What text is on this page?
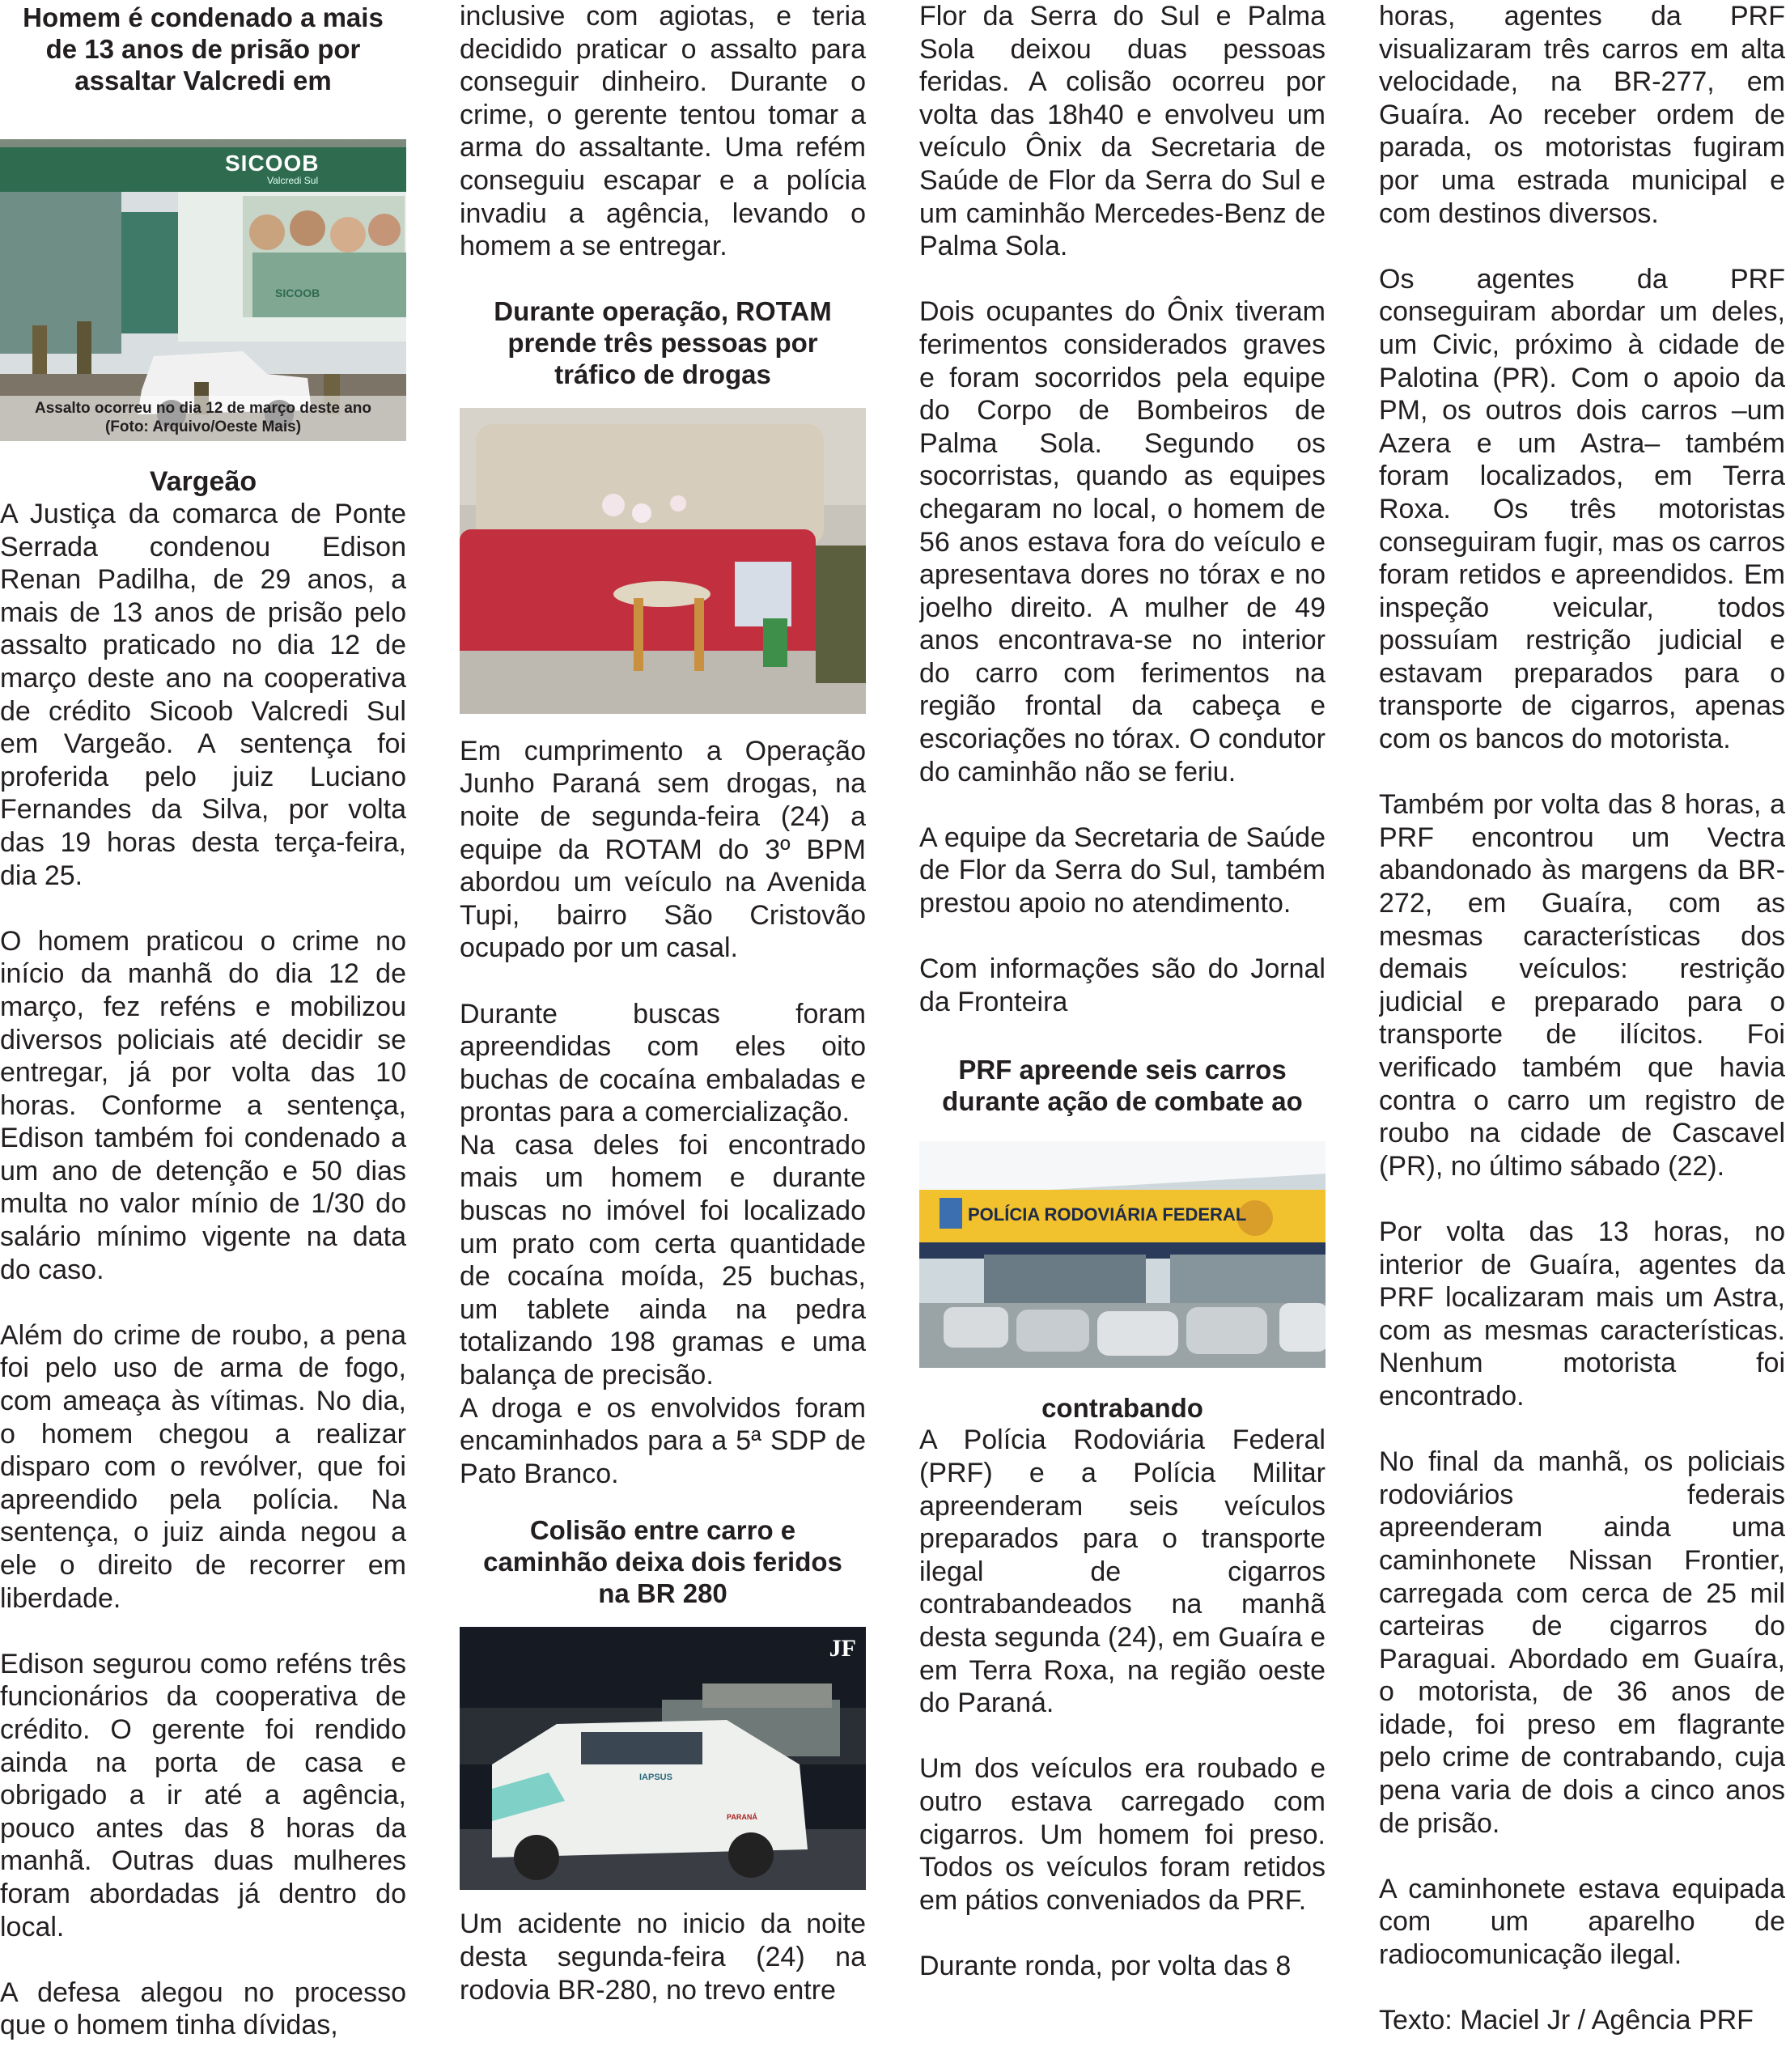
Homem é condenado a mais
de 13 anos de prisão por
assaltar Valcredi em
SICOOB
Valcredi Sul
SICOOB
Assalto ocorreu no dia 12 de março deste ano
(Foto: Arquivo/Oeste Mais)
Vargeão

A Justiça da comarca de Ponte Serrada condenou Edison Renan Padilha, de 29 anos, a mais de 13 anos de prisão pelo assalto praticado no dia 12 de março deste ano na cooperativa de crédito Sicoob Valcredi Sul em Vargeão. A sentença foi proferida pelo juiz Luciano Fernandes da Silva, por volta das 19 horas desta terça-feira, dia 25.

O homem praticou o crime no início da manhã do dia 12 de março, fez reféns e mobilizou diversos policiais até decidir se entregar, já por volta das 10 horas. Conforme a sentença, Edison também foi condenado a um ano de detenção e 50 dias multa no valor mínio de 1/30 do salário mínimo vigente na data do caso.

Além do crime de roubo, a pena foi pelo uso de arma de fogo, com ameaça às vítimas. No dia, o homem chegou a realizar disparo com o revólver, que foi apreendido pela polícia. Na sentença, o juiz ainda negou a ele o direito de recorrer em liberdade.

Edison segurou como reféns três funcionários da cooperativa de crédito. O gerente foi rendido ainda na porta de casa e obrigado a ir até a agência, pouco antes das 8 horas da manhã. Outras duas mulheres foram abordadas já dentro do local.

A defesa alegou no processo que o homem tinha dívidas,

inclusive com agiotas, e teria decidido praticar o assalto para conseguir dinheiro. Durante o crime, o gerente tentou tomar a arma do assaltante. Uma refém conseguiu escapar e a polícia invadiu a agência, levando o homem a se entregar.

Durante operação, ROTAM
prende três pessoas por
tráfico de drogas

Em cumprimento a Operação Junho Paraná sem drogas, na noite de segunda-feira (24) a equipe da ROTAM do 3º BPM abordou um veículo na Avenida Tupi, bairro São Cristovão ocupado por um casal.

Durante buscas foram apreendidas com eles oito buchas de cocaína embaladas e prontas para a comercialização.

Na casa deles foi encontrado mais um homem e durante buscas no imóvel foi localizado um prato com certa quantidade de cocaína moída, 25 buchas, um tablete ainda na pedra totalizando 198 gramas e uma balança de precisão.

A droga e os envolvidos foram encaminhados para a 5ª SDP de Pato Branco.

Colisão entre carro e
caminhão deixa dois feridos
na BR 280
JF
IAPSUS
PARANÁ

Um acidente no inicio da noite desta segunda-feira (24) na rodovia BR-280, no trevo entre

Flor da Serra do Sul e Palma Sola deixou duas pessoas feridas. A colisão ocorreu por volta das 18h40 e envolveu um veículo Ônix da Secretaria de Saúde de Flor da Serra do Sul e um caminhão Mercedes-Benz de Palma Sola.

Dois ocupantes do Ônix tiveram ferimentos considerados graves e foram socorridos pela equipe do Corpo de Bombeiros de Palma Sola. Segundo os socorristas, quando as equipes chegaram no local, o homem de 56 anos estava fora do veículo e apresentava dores no tórax e no joelho direito. A mulher de 49 anos encontrava-se no interior do carro com ferimentos na região frontal da cabeça e escoriações no tórax. O condutor do caminhão não se feriu.

A equipe da Secretaria de Saúde de Flor da Serra do Sul, também prestou apoio no atendimento.

Com informações são do Jornal da Fronteira

PRF apreende seis carros
durante ação de combate ao
POLÍCIA RODOVIÁRIA FEDERAL
contrabando

A Polícia Rodoviária Federal (PRF) e a Polícia Militar apreenderam seis veículos preparados para o transporte ilegal de cigarros contrabandeados na manhã desta segunda (24), em Guaíra e em Terra Roxa, na região oeste do Paraná.

Um dos veículos era roubado e outro estava carregado com cigarros. Um homem foi preso. Todos os veículos foram retidos em pátios conveniados da PRF.

Durante ronda, por volta das 8

horas, agentes da PRF visualizaram três carros em alta velocidade, na BR-277, em Guaíra. Ao receber ordem de parada, os motoristas fugiram por uma estrada municipal e com destinos diversos.

Os agentes da PRF conseguiram abordar um deles, um Civic, próximo à cidade de Palotina (PR). Com o apoio da PM, os outros dois carros –um Azera e um Astra– também foram localizados, em Terra Roxa. Os três motoristas conseguiram fugir, mas os carros foram retidos e apreendidos. Em inspeção veicular, todos possuíam restrição judicial e estavam preparados para o transporte de cigarros, apenas com os bancos do motorista.

Também por volta das 8 horas, a PRF encontrou um Vectra abandonado às margens da BR-272, em Guaíra, com as mesmas características dos demais veículos: restrição judicial e preparado para o transporte de ilícitos. Foi verificado também que havia contra o carro um registro de roubo na cidade de Cascavel (PR), no último sábado (22).

Por volta das 13 horas, no interior de Guaíra, agentes da PRF localizaram mais um Astra, com as mesmas características. Nenhum motorista foi encontrado.

No final da manhã, os policiais rodoviários federais apreenderam ainda uma caminhonete Nissan Frontier, carregada com cerca de 25 mil carteiras de cigarros do Paraguai. Abordado em Guaíra, o motorista, de 36 anos de idade, foi preso em flagrante pelo crime de contrabando, cuja pena varia de dois a cinco anos de prisão.

A caminhonete estava equipada com um aparelho de radiocomunicação ilegal.

Texto: Maciel Jr / Agência PRF
